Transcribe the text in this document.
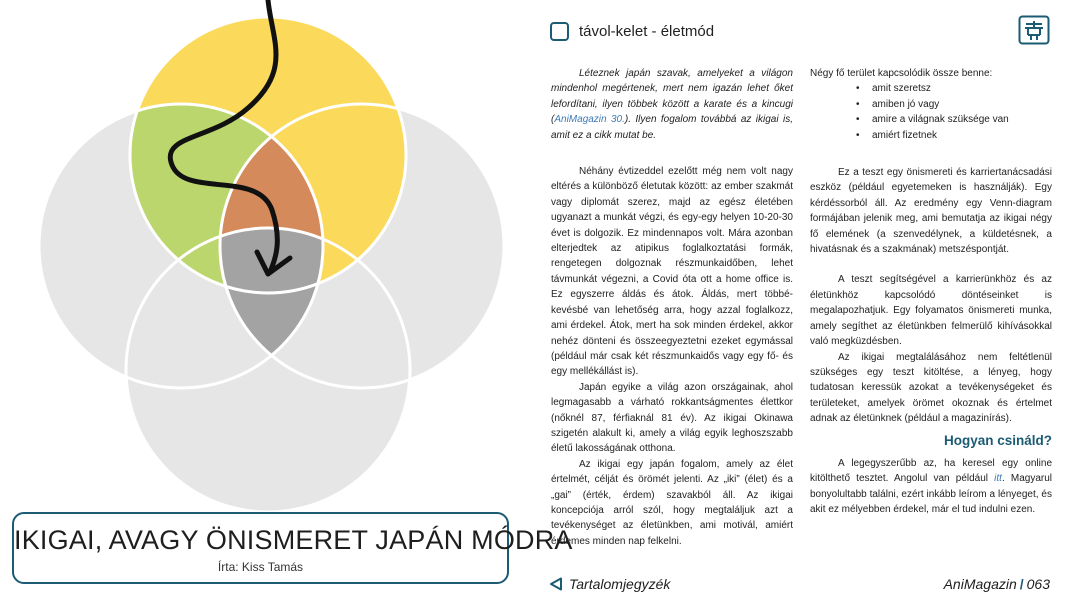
IKIGAI, AVAGY ÖNISMERET JAPÁN MÓDRA
Írta: Kiss Tamás
távol-kelet - életmód

Léteznek japán szavak, amelyeket a világon mindenhol megértenek, mert nem igazán lehet őket lefordítani, ilyen többek között a karate és a kincugi (AniMagazin 30.). Ilyen fogalom továbbá az ikigai is, amit ez a cikk mutat be.

Néhány évtizeddel ezelőtt még nem volt nagy eltérés a különböző életutak között: az ember szakmát vagy diplomát szerez, majd az egész életében ugyanazt a munkát végzi, és egy-egy helyen 10-20-30 évet is dolgozik. Ez mindennapos volt. Mára azonban elterjedtek az atipikus foglalkoztatási formák, rengetegen dolgoznak részmunkaidőben, lehet távmunkát végezni, a Covid óta ott a home office is. Ez egyszerre áldás és átok. Áldás, mert többé-kevésbé van lehetőség arra, hogy azzal foglalkozz, ami érdekel. Átok, mert ha sok minden érdekel, akkor nehéz dönteni és összeegyeztetni ezeket egymással (például már csak két részmunkaidős vagy egy fő- és egy mellékállást is).

Japán egyike a világ azon országainak, ahol legmagasabb a várható rokkantságmentes élettkor (nőknél 87, férfiaknál 81 év). Az ikigai Okinawa szigetén alakult ki, amely a világ egyik leghoszszabb életű lakosságának otthona.

Az ikigai egy japán fogalom, amely az élet értelmét, célját és örömét jelenti. Az „iki” (élet) és a „gai” (érték, érdem) szavakból áll. Az ikigai koncepciója arról szól, hogy megtaláljuk azt a tevékenységet az életünkben, ami motivál, amiért érdemes minden nap felkelni.

Négy fő terület kapcsolódik össze benne:

• amit szeretsz
• amiben jó vagy
• amire a világnak szüksége van
• amiért fizetnek

Ez a teszt egy önismereti és karriertanácsadási eszköz (például egyetemeken is használják). Egy kérdéssorból áll. Az eredmény egy Venn-diagram formájában jelenik meg, ami bemutatja az ikigai négy fő elemének (a szenvedélynek, a küldetésnek, a hivatásnak és a szakmának) metszéspontját.

A teszt segítségével a karrierünkhöz és az életünkhöz kapcsolódó döntéseinket is megalapozhatjuk. Egy folyamatos önismereti munka, amely segíthet az életünkben felmerülő kihívásokkal való megküzdésben.

Az ikigai megtalálásához nem feltétlenül szükséges egy teszt kitöltése, a lényeg, hogy tudatosan keressük azokat a tevékenységeket és területeket, amelyek örömet okoznak és értelmet adnak az életünknek (például a magazinírás).

Hogyan csináld?

A legegyszerűbb az, ha keresel egy online kitölthető tesztet. Angolul van például itt. Magyarul bonyolultabb találni, ezért inkább leírom a lényeget, és akit ez mélyebben érdekel, már el tud indulni ezen.

Tartalomjegyzék	AniMagazin / 063
